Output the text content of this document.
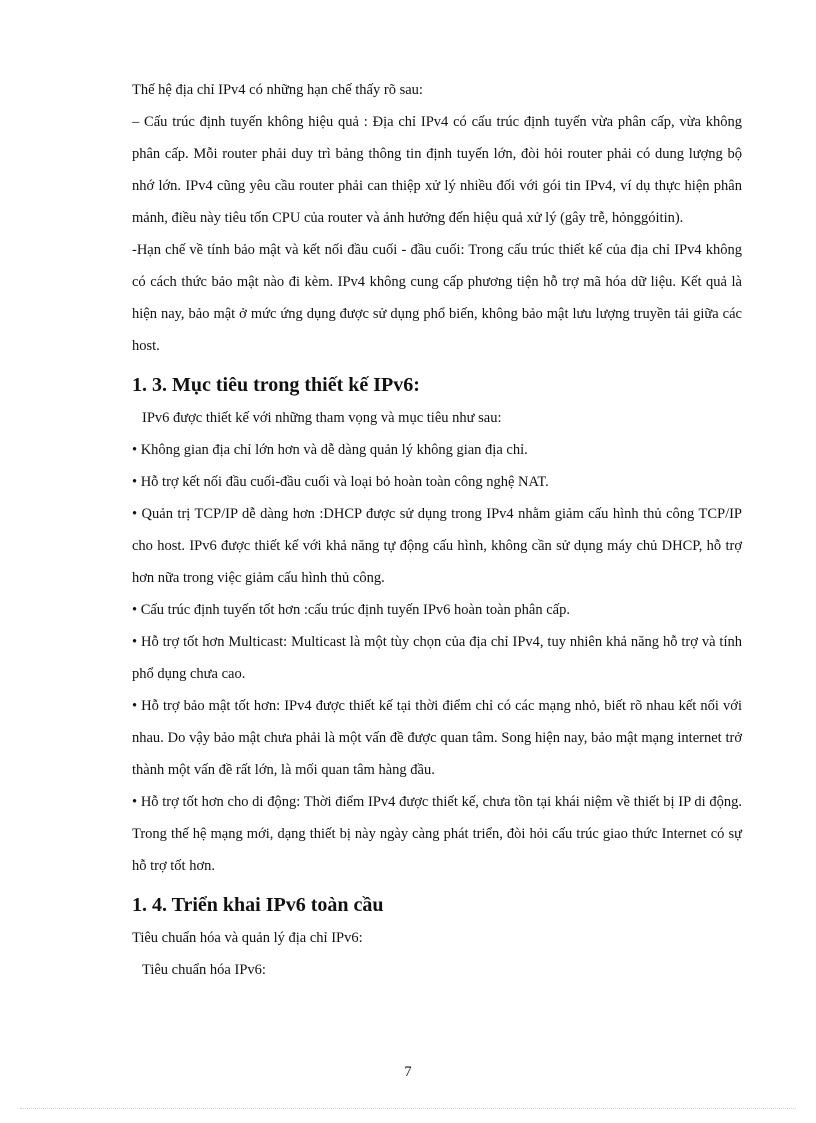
Thế hệ địa chỉ IPv4 có những hạn chế thấy rõ sau:

– Cấu trúc định tuyến không hiệu quả : Địa chỉ IPv4 có cấu trúc định tuyến vừa phân cấp, vừa không phân cấp. Mỗi router phải duy trì bảng thông tin định tuyến lớn, đòi hỏi router phải có dung lượng bộ nhớ lớn. IPv4 cũng yêu cầu router phải can thiệp xử lý nhiều đối với gói tin IPv4, ví dụ thực hiện phân mảnh, điều này tiêu tốn CPU của router và ảnh hưởng đến hiệu quả xử lý (gây trễ, hỏnggóitin).

-Hạn chế về tính bảo mật và kết nối đầu cuối - đầu cuối: Trong cấu trúc thiết kế của địa chỉ IPv4 không có cách thức bảo mật nào đi kèm. IPv4 không cung cấp phương tiện hỗ trợ mã hóa dữ liệu. Kết quả là hiện nay, bảo mật ở mức ứng dụng được sử dụng phổ biến, không bảo mật lưu lượng truyền tải giữa các host.

1. 3. Mục tiêu trong thiết kế IPv6:

IPv6 được thiết kế với những tham vọng và mục tiêu như sau:

• Không gian địa chỉ lớn hơn và dễ dàng quản lý không gian địa chỉ.

• Hỗ trợ kết nối đầu cuối-đầu cuối và loại bỏ hoàn toàn công nghệ NAT.

• Quản trị TCP/IP dễ dàng hơn :DHCP được sử dụng trong IPv4 nhằm giảm cấu hình thủ công TCP/IP cho host. IPv6 được thiết kế với khả năng tự động cấu hình, không cần sử dụng máy chủ DHCP, hỗ trợ hơn nữa trong việc giảm cấu hình thủ công.

• Cấu trúc định tuyến tốt hơn :cấu trúc định tuyến IPv6 hoàn toàn phân cấp.

• Hỗ trợ tốt hơn Multicast: Multicast là một tùy chọn của địa chỉ IPv4, tuy nhiên khả năng hỗ trợ và tính phổ dụng chưa cao.

• Hỗ trợ bảo mật tốt hơn: IPv4 được thiết kế tại thời điểm chỉ có các mạng nhỏ, biết rõ nhau kết nối với nhau. Do vậy bảo mật chưa phải là một vấn đề được quan tâm. Song hiện nay, bảo mật mạng internet trở thành một vấn đề rất lớn, là mối quan tâm hàng đầu.

• Hỗ trợ tốt hơn cho di động: Thời điểm IPv4 được thiết kế, chưa tồn tại khái niệm về thiết bị IP di động. Trong thế hệ mạng mới, dạng thiết bị này ngày càng phát triển, đòi hỏi cấu trúc giao thức Internet có sự hỗ trợ tốt hơn.

1. 4. Triển khai IPv6 toàn cầu

Tiêu chuẩn hóa và quản lý địa chỉ IPv6:

Tiêu chuẩn hóa IPv6:

7
